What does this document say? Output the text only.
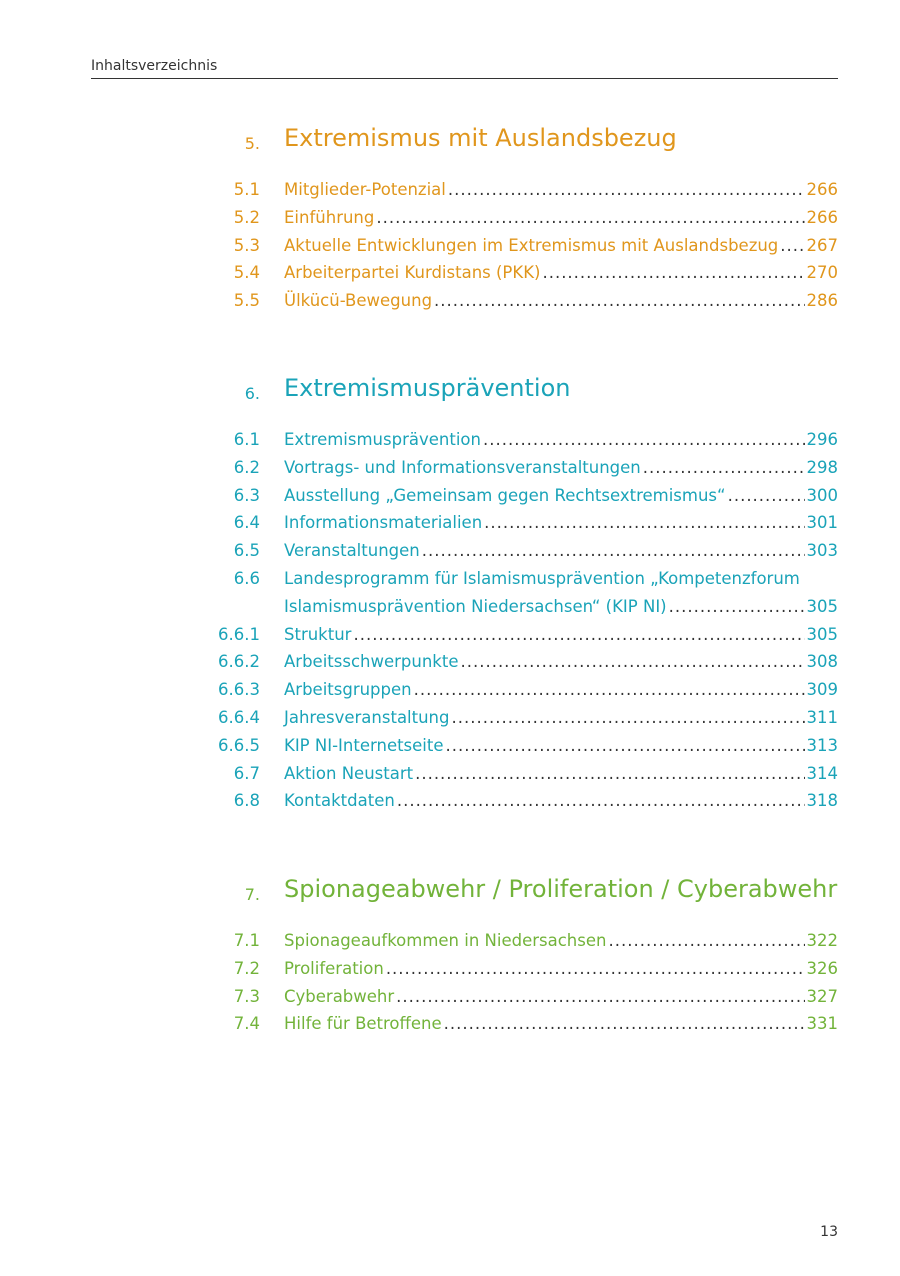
Inhaltsverzeichnis
5. Extremismus mit Auslandsbezug
5.1 Mitglieder-Potenzial .....	266
5.2 Einführung .....	266
5.3 Aktuelle Entwicklungen im Extremismus mit Auslandsbezug ..... 267
5.4 Arbeiterpartei Kurdistans (PKK) .....	270
5.5 Ülkücü-Bewegung .....	286
6. Extremismusprävention
6.1 Extremismusprävention .....	296
6.2 Vortrags- und Informationsveranstaltungen .....	298
6.3 Ausstellung „Gemeinsam gegen Rechtsextremismus“ .....	300
6.4 Informationsmaterialien .....	301
6.5 Veranstaltungen .....	303
6.6 Landesprogramm für Islamismusprävention „Kompetenzforum
Islamismusprävention Niedersachsen“ (KIP NI) .....	305
6.6.1 Struktur .....	305
6.6.2 Arbeitsschwerpunkte .....	308
6.6.3 Arbeitsgruppen .....	309
6.6.4 Jahresveranstaltung .....	311
6.6.5 KIP NI-Internetseite .....	313
6.7 Aktion Neustart .....	314
6.8 Kontaktdaten .....	318
7. Spionageabwehr / Proliferation / Cyberabwehr
7.1 Spionageaufkommen in Niedersachsen .....	322
7.2 Proliferation .....	326
7.3 Cyberabwehr .....	327
7.4 Hilfe für Betroffene .....	331
13
